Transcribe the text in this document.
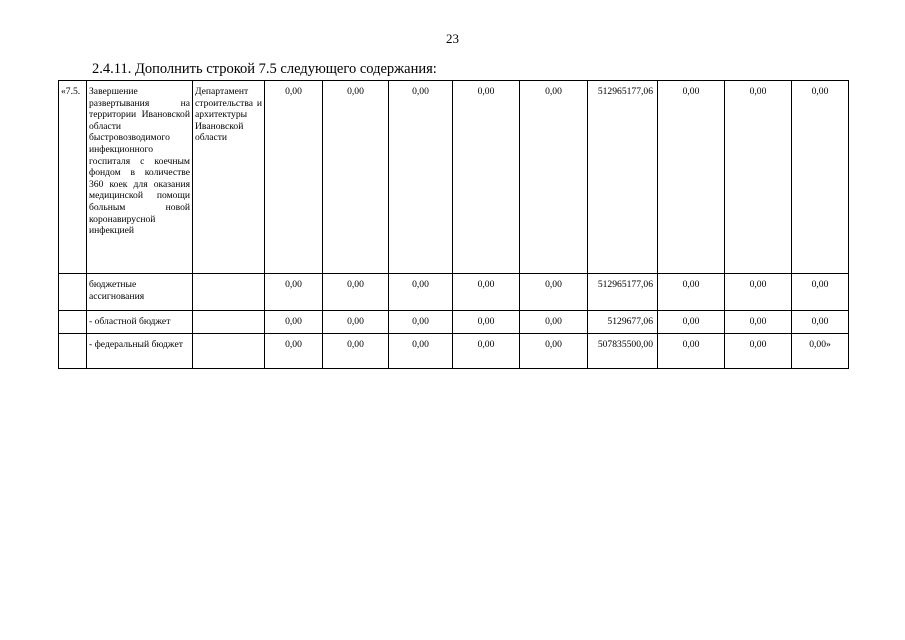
23
2.4.11. Дополнить строкой 7.5 следующего содержания:
«7.5.	Завершение развертывания на территории Ивановской области быстровозводимого инфекционного госпиталя с коечным фондом в количестве 360 коек для оказания медицинской помощи больным новой коронавирусной инфекцией	Департамент строительства и архитектуры Ивановской области	0,00	0,00	0,00	0,00	0,00	512965177,06	0,00	0,00	0,00
	бюджетные ассигнования		0,00	0,00	0,00	0,00	0,00	512965177,06	0,00	0,00	0,00
	- областной бюджет		0,00	0,00	0,00	0,00	0,00	5129677,06	0,00	0,00	0,00
	- федеральный бюджет		0,00	0,00	0,00	0,00	0,00	507835500,00	0,00	0,00	0,00»
